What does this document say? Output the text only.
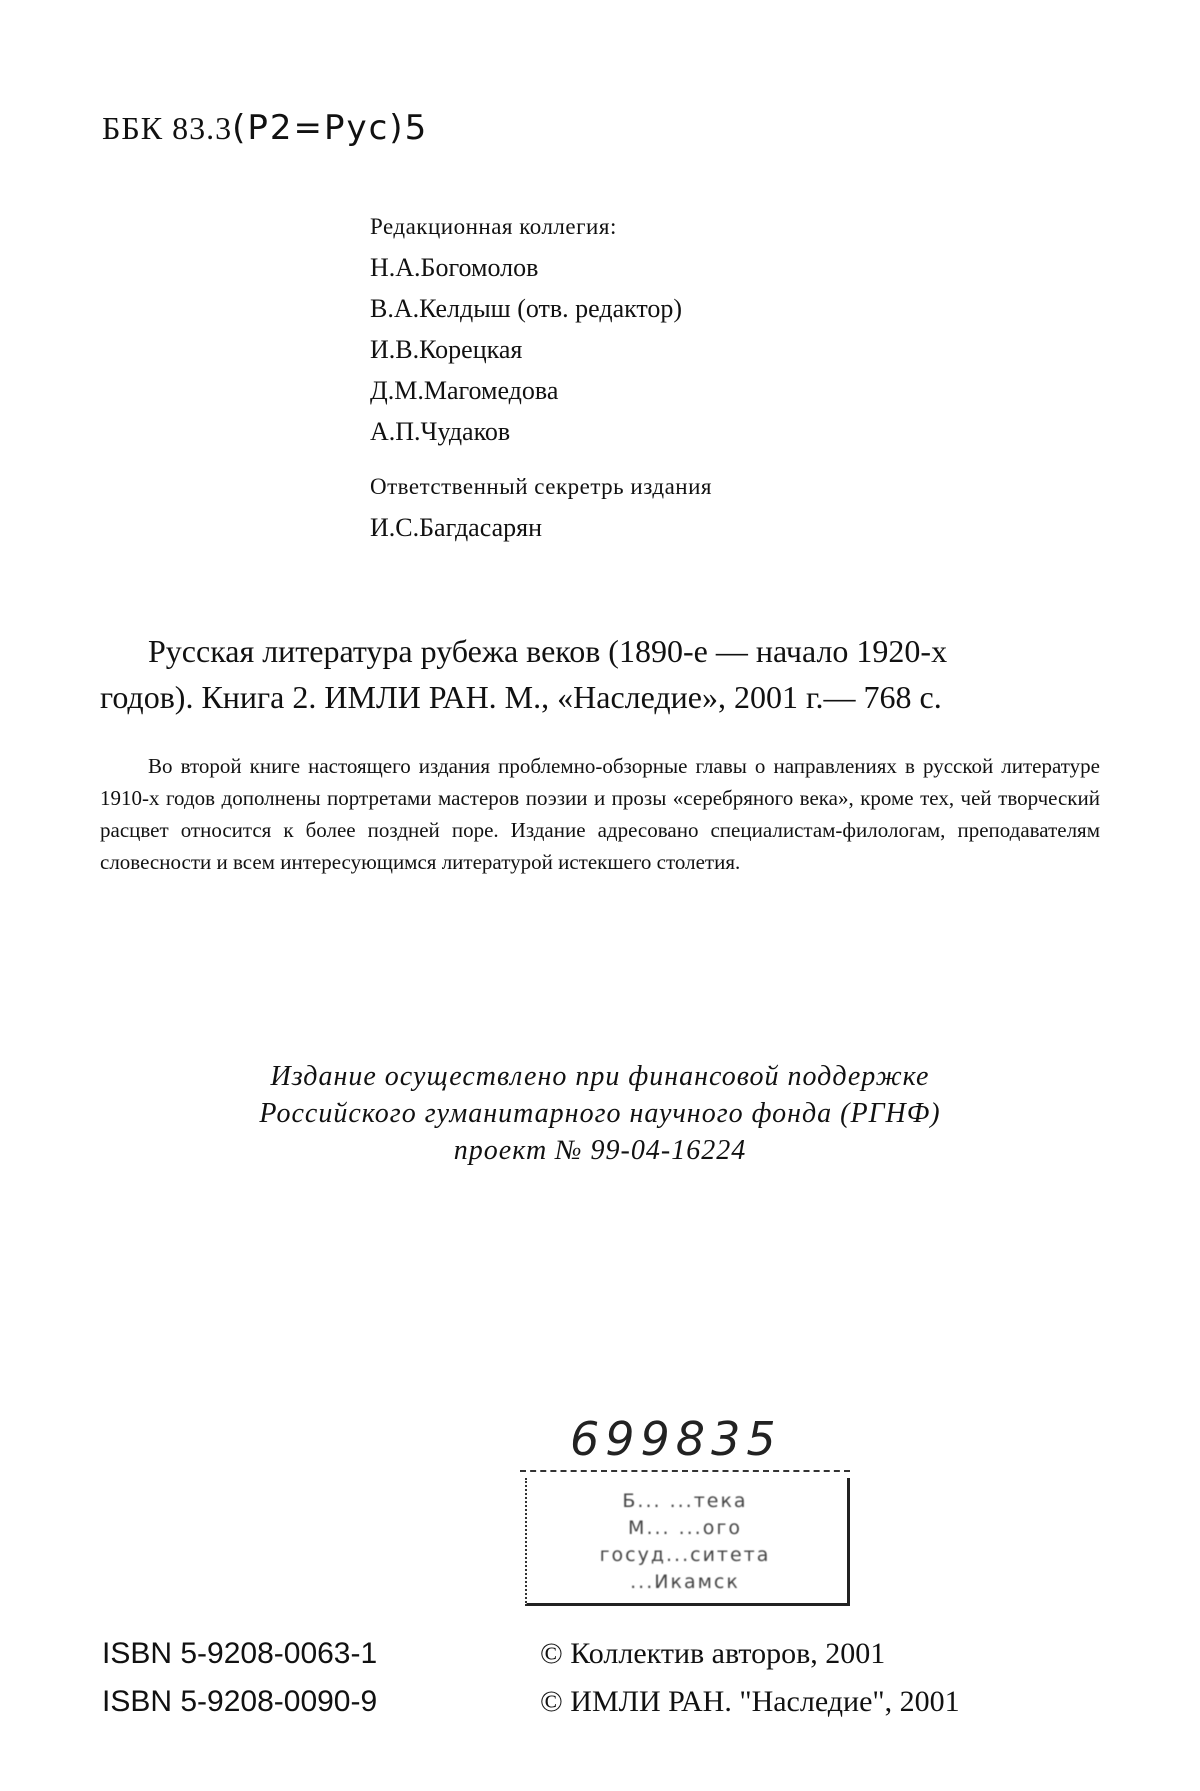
ББК 83.3(Р2=Рус)5
Редакционная коллегия:
Н.А.Богомолов
В.А.Келдыш (отв. редактор)
И.В.Корецкая
Д.М.Магомедова
А.П.Чудаков
Ответственный секретрь издания
И.С.Багдасарян
Русская литература рубежа веков (1890-е — начало 1920-х
годов). Книга 2. ИМЛИ РАН. М., «Наследие», 2001 г.— 768 с.
Во второй книге настоящего издания проблемно-обзорные главы о направлениях в русской литературе 1910-х годов дополнены портретами мастеров поэзии и прозы «серебряного века», кроме тех, чей творческий расцвет относится к более поздней поре. Издание адресовано специалистам-филологам, преподавателям словесности и всем интересующимся литературой истекшего столетия.
Издание осуществлено при финансовой поддержке
Российского гуманитарного научного фонда (РГНФ)
проект № 99-04-16224
699835
Б... ...тека
М... ...ого
госуд...ситета
...Икамск
ISBN 5-9208-0063-1
ISBN 5-9208-0090-9
© Коллектив авторов, 2001
© ИМЛИ РАН. "Наследие", 2001
